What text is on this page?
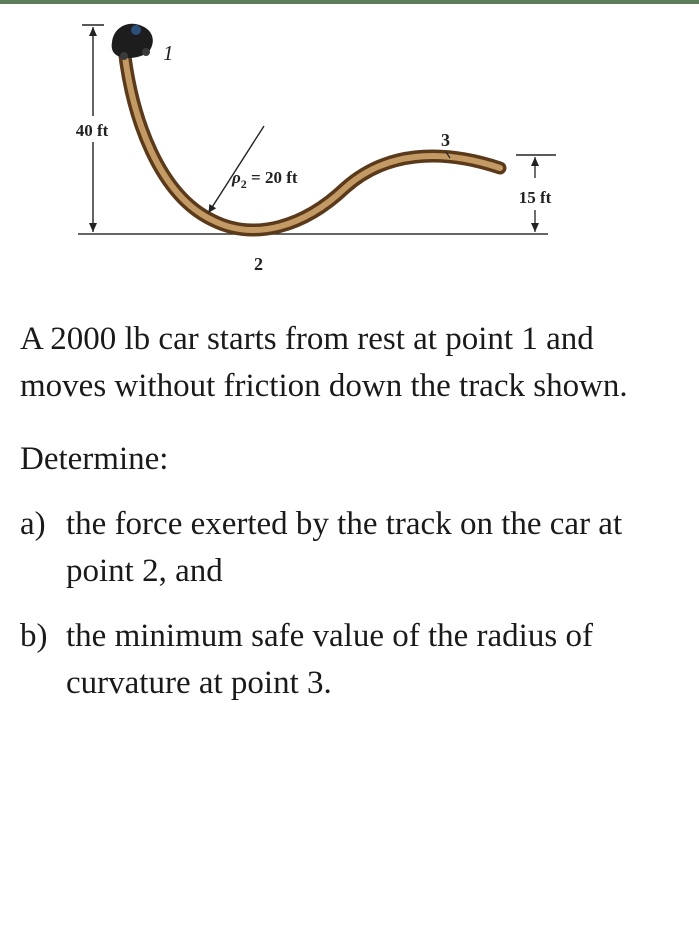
40 ft
1
2
3
$\rho_2 = 20$ ft
15 ft

A 2000 lb car starts from rest at point 1 and moves without friction down the track shown.

Determine:

a) the force exerted by the track on the car at point 2, and
b) the minimum safe value of the radius of curvature at point 3.
